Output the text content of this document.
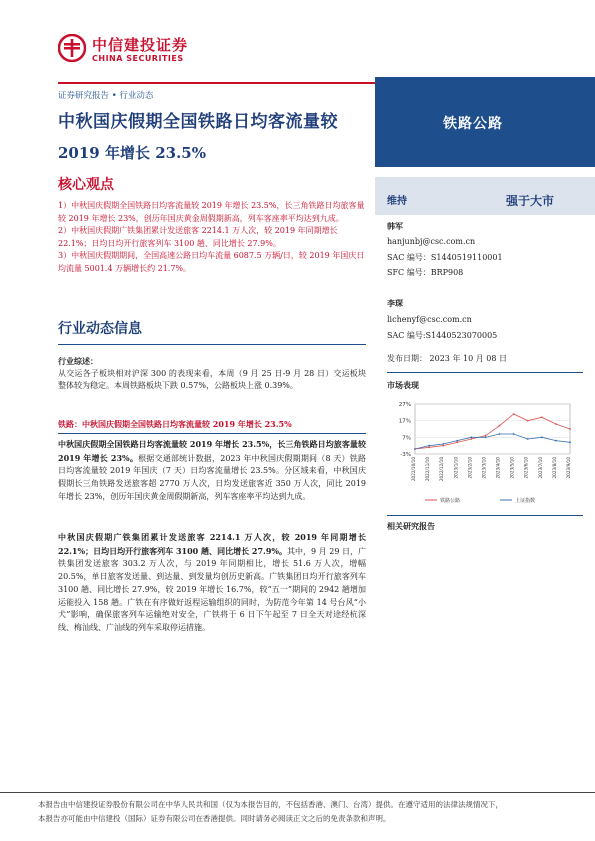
中信建投证券
CHINA SECURITIES
证券研究报告 • 行业动态
中秋国庆假期全国铁路日均客流量较
2019 年增长 23.5%
铁路公路
核心观点

1）中秋国庆假期全国铁路日均客流量较 2019 年增长 23.5%，长三角铁路日均旅客量较 2019 年增长 23%，创历年国庆黄金周假期新高，列车客座率平均达到九成。

2）中秋国庆假期广铁集团累计发送旅客 2214.1 万人次，较 2019 年同期增长 22.1%；日均日均开行旅客列车 3100 趟、同比增长 27.9%。

3）中秋国庆假期期间，全国高速公路日均车流量 6087.5 万辆/日，较 2019 年国庆日均流量 5001.4 万辆增长约 21.7%。

行业动态信息
行业综述：
从交运各子板块相对沪深 300 的表现来看，本周（9 月 25 日-9 月 28 日）交运板块整体较为稳定。本周铁路板块下跌 0.57%，公路板块上涨 0.39%。
铁路：中秋国庆假期全国铁路日均客流量较 2019 年增长 23.5%
中秋国庆假期全国铁路日均客流量较 2019 年增长 23.5%，长三角铁路日均旅客量较 2019 年增长 23%。根据交通部统计数据，2023 年中秋国庆假期期间（8 天）铁路日均客流量较 2019 年国庆（7 天）日均客流量增长 23.5%。分区域来看，中秋国庆假期长三角铁路发送旅客超 2770 万人次，日均发送旅客近 350 万人次，同比 2019 年增长 23%，创历年国庆黄金周假期新高，列车客座率平均达到九成。
中秋国庆假期广铁集团累计发送旅客 2214.1 万人次，较 2019 年同期增长 22.1%；日均日均开行旅客列车 3100 趟、同比增长 27.9%。其中，9 月 29 日，广铁集团发送旅客 303.2 万人次，与 2019 年同期相比，增长 51.6 万人次，增幅 20.5%，单日旅客发送量、到达量、到发量均创历史新高。广铁集团日均开行旅客列车 3100 趟、同比增长 27.9%，较 2019 年增长 16.7%，较“五一”期间的 2942 趟增加运能投入 158 趟。广铁在有序做好返程运输组织的同时，为防范今年第 14 号台风“小犬”影响，确保旅客列车运输绝对安全，广铁将于 6 日下午起至 7 日全天对途经杭深线、梅汕线、广汕线的列车采取停运措施。
维持	强于大市
韩军
hanjunbj@csc.com.cn
SAC 编号：S1440519110001
SFC 编号：BRP908
李琛
lichenyf@csc.com.cn
SAC 编号:S1440523070005
发布日期： 2023 年 10 月 08 日
市场表现
27%
17%
7%
-3%
2022/10/10 2022/11/10 2022/12/10 2023/1/10 2023/2/10 2023/3/10 2023/4/10 2023/5/10 2023/6/10 2023/7/10 2023/8/10 2023/9/10
铁路公路	上证指数
相关研究报告
本报告由中信建投证券股份有限公司在中华人民共和国（仅为本报告目的，不包括香港、澳门、台湾）提供。在遵守适用的法律法规情况下，
本报告亦可能由中信建投（国际）证券有限公司在香港提供。同时请务必阅读正文之后的免责条款和声明。
